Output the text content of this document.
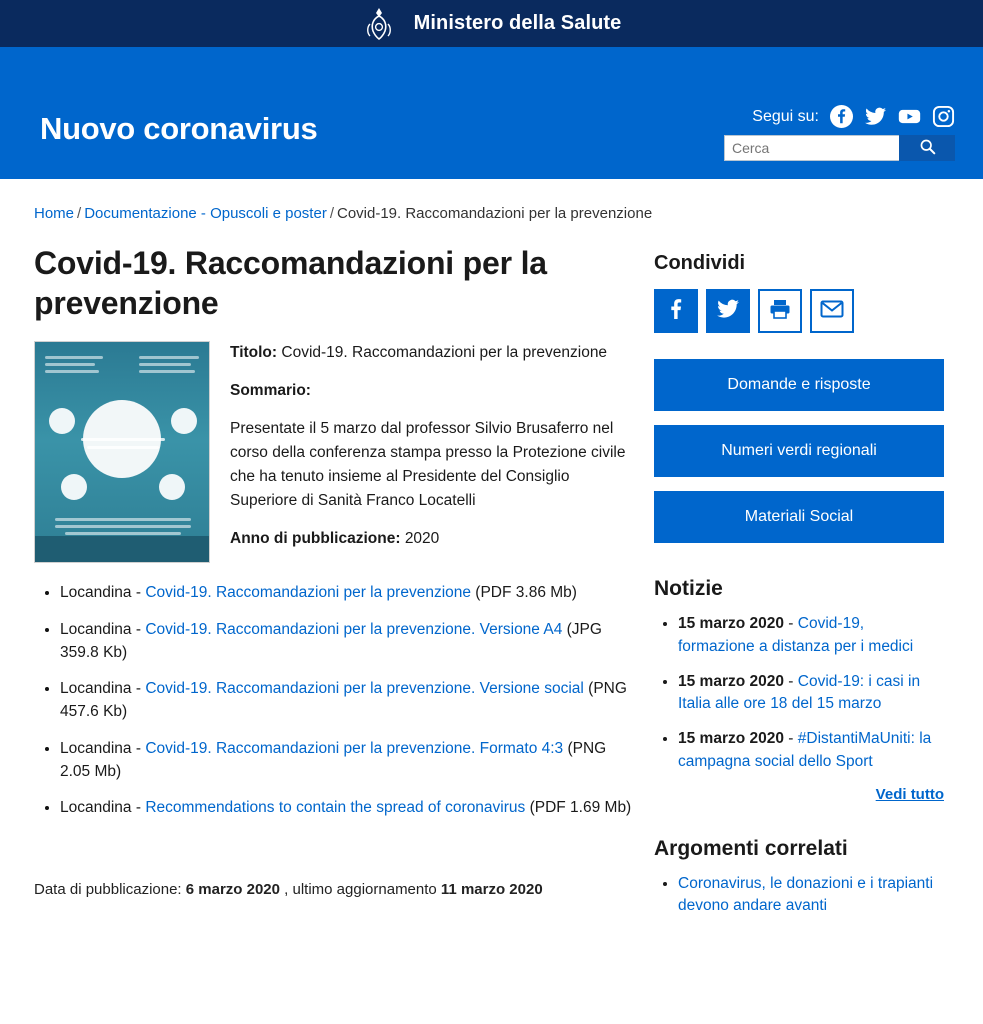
Ministero della Salute
Nuovo coronavirus	Segui su:
Cerca
Home / Documentazione - Opuscoli e poster / Covid-19. Raccomandazioni per la prevenzione
Covid-19. Raccomandazioni per la prevenzione

Titolo: Covid-19. Raccomandazioni per la prevenzione

Sommario:

Presentate il 5 marzo dal professor Silvio Brusaferro nel corso della conferenza stampa presso la Protezione civile che ha tenuto insieme al Presidente del Consiglio Superiore di Sanità Franco Locatelli

Anno di pubblicazione: 2020

• Locandina - Covid-19. Raccomandazioni per la prevenzione (PDF 3.86 Mb)
• Locandina - Covid-19. Raccomandazioni per la prevenzione. Versione A4 (JPG 359.8 Kb)
• Locandina - Covid-19. Raccomandazioni per la prevenzione. Versione social (PNG 457.6 Kb)
• Locandina - Covid-19. Raccomandazioni per la prevenzione. Formato 4:3 (PNG 2.05 Mb)
• Locandina - Recommendations to contain the spread of coronavirus (PDF 1.69 Mb)

Data di pubblicazione: 6 marzo 2020 , ultimo aggiornamento 11 marzo 2020

Condividi
Domande e risposte
Numeri verdi regionali
Materiali Social
Notizie
• 15 marzo 2020 - Covid-19, formazione a distanza per i medici
• 15 marzo 2020 - Covid-19: i casi in Italia alle ore 18 del 15 marzo
• 15 marzo 2020 - #DistantiMaUniti: la campagna social dello Sport
Vedi tutto
Argomenti correlati
• Coronavirus, le donazioni e i trapianti devono andare avanti
